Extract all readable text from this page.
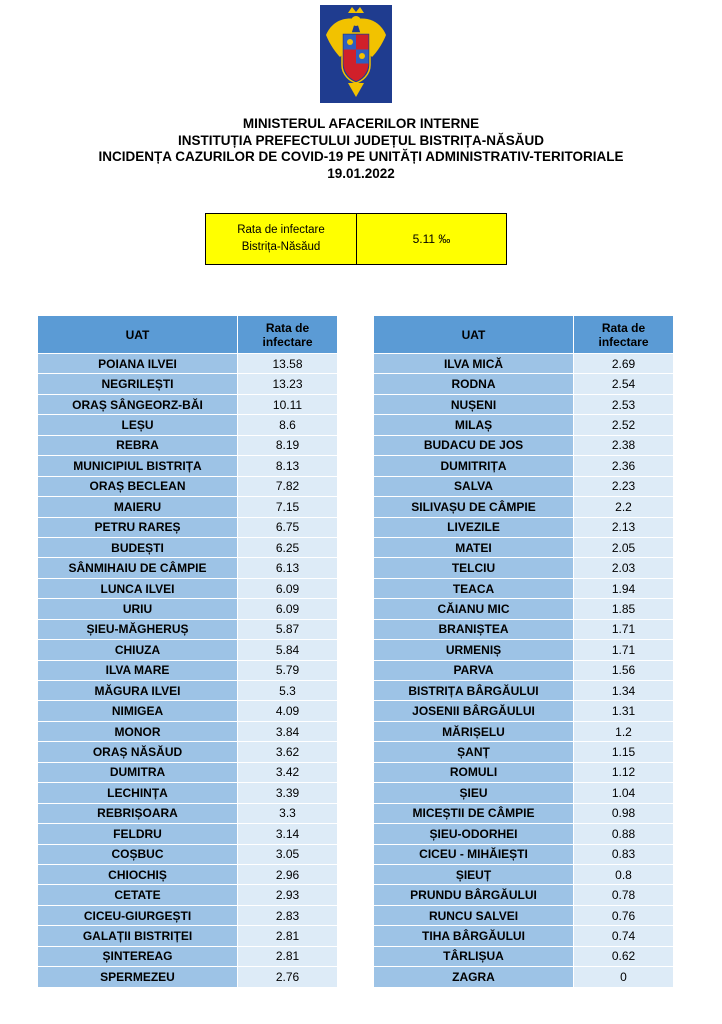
MINISTERUL AFACERILOR INTERNE
INSTITUȚIA PREFECTULUI JUDEȚUL BISTRIȚA-NĂSĂUD
INCIDENȚA CAZURILOR DE COVID-19 PE UNITĂȚI ADMINISTRATIV-TERITORIALE
19.01.2022
Rata de infectare
Bistrița-Năsăud
5.11 ‰
UAT	Rata de
infectare
POIANA ILVEI	13.58
NEGRILEȘTI	13.23
ORAȘ SÂNGEORZ-BĂI	10.11
LEȘU	8.6
REBRA	8.19
MUNICIPIUL BISTRIȚA	8.13
ORAȘ BECLEAN	7.82
MAIERU	7.15
PETRU RAREȘ	6.75
BUDEȘTI	6.25
SÂNMIHAIU DE CÂMPIE	6.13
LUNCA ILVEI	6.09
URIU	6.09
ȘIEU-MĂGHERUȘ	5.87
CHIUZA	5.84
ILVA MARE	5.79
MĂGURA ILVEI	5.3
NIMIGEA	4.09
MONOR	3.84
ORAȘ NĂSĂUD	3.62
DUMITRA	3.42
LECHINȚA	3.39
REBRIȘOARA	3.3
FELDRU	3.14
COȘBUC	3.05
CHIOCHIȘ	2.96
CETATE	2.93
CICEU-GIURGEȘTI	2.83
GALAȚII BISTRIȚEI	2.81
ȘINTEREAG	2.81
SPERMEZEU	2.76
UAT	Rata de
infectare
ILVA MICĂ	2.69
RODNA	2.54
NUȘENI	2.53
MILAȘ	2.52
BUDACU DE JOS	2.38
DUMITRIȚA	2.36
SALVA	2.23
SILIVAȘU DE CÂMPIE	2.2
LIVEZILE	2.13
MATEI	2.05
TELCIU	2.03
TEACA	1.94
CĂIANU MIC	1.85
BRANIȘTEA	1.71
URMENIȘ	1.71
PARVA	1.56
BISTRIȚA BÂRGĂULUI	1.34
JOSENII BÂRGĂULUI	1.31
MĂRIȘELU	1.2
ȘANȚ	1.15
ROMULI	1.12
ȘIEU	1.04
MICEȘTII DE CÂMPIE	0.98
ȘIEU-ODORHEI	0.88
CICEU - MIHĂIEȘTI	0.83
ȘIEUȚ	0.8
PRUNDU BÂRGĂULUI	0.78
RUNCU SALVEI	0.76
TIHA BÂRGĂULUI	0.74
TÂRLIȘUA	0.62
ZAGRA	0
